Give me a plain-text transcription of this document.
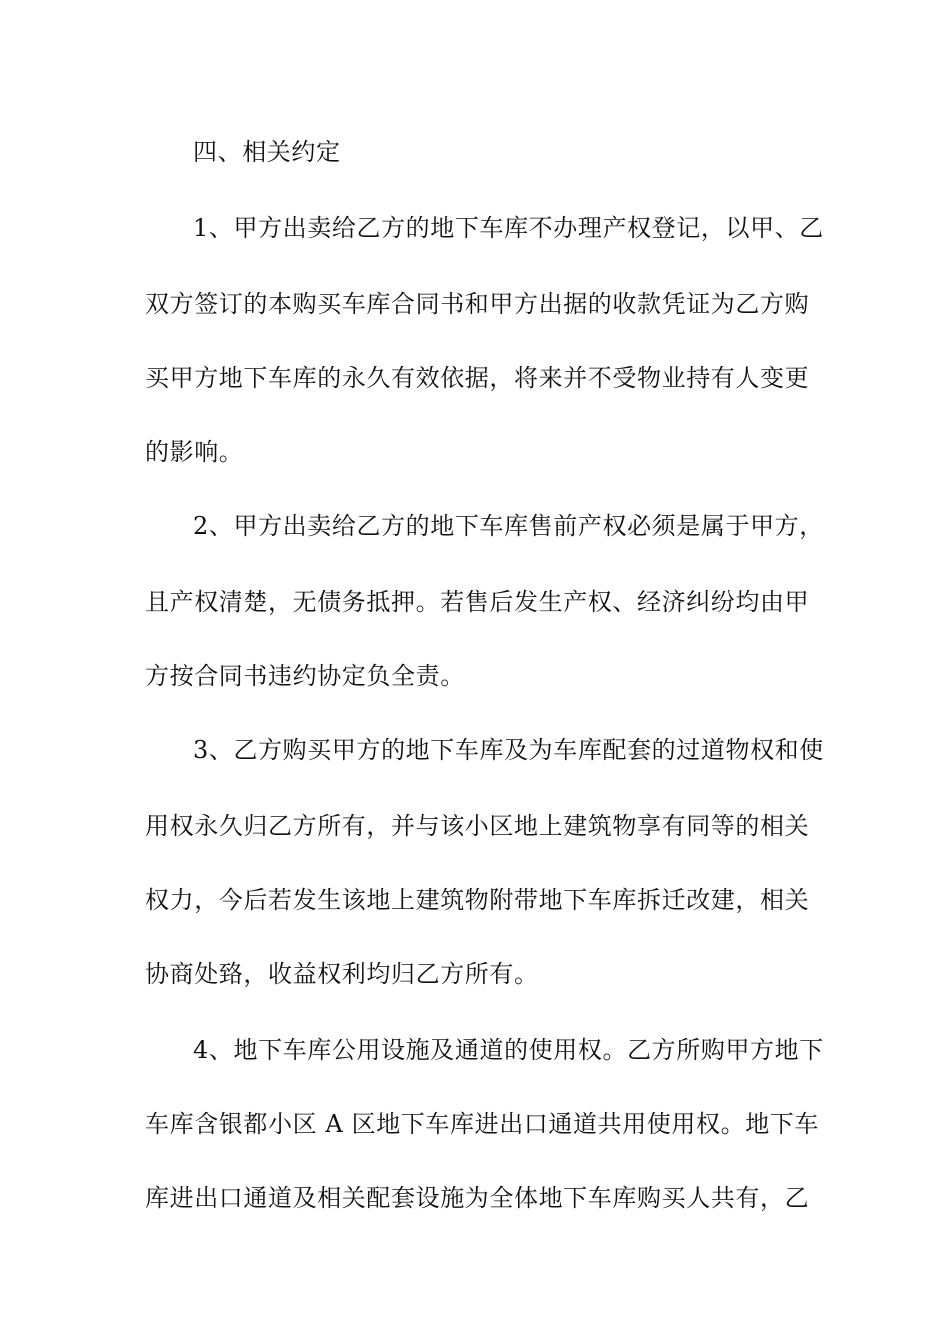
四、相关约定

1、甲方出卖给乙方的地下车库不办理产权登记，以甲、乙

双方签订的本购买车库合同书和甲方出据的收款凭证为乙方购

买甲方地下车库的永久有效依据，将来并不受物业持有人变更

的影响。

2、甲方出卖给乙方的地下车库售前产权必须是属于甲方，

且产权清楚，无债务抵押。若售后发生产权、经济纠纷均由甲

方按合同书违约协定负全责。

3、乙方购买甲方的地下车库及为车库配套的过道物权和使

用权永久归乙方所有，并与该小区地上建筑物享有同等的相关

权力，今后若发生该地上建筑物附带地下车库拆迁改建，相关

协商处臵，收益权利均归乙方所有。

4、地下车库公用设施及通道的使用权。乙方所购甲方地下

车库含银都小区 A 区地下车库进出口通道共用使用权。地下车

库进出口通道及相关配套设施为全体地下车库购买人共有，乙
